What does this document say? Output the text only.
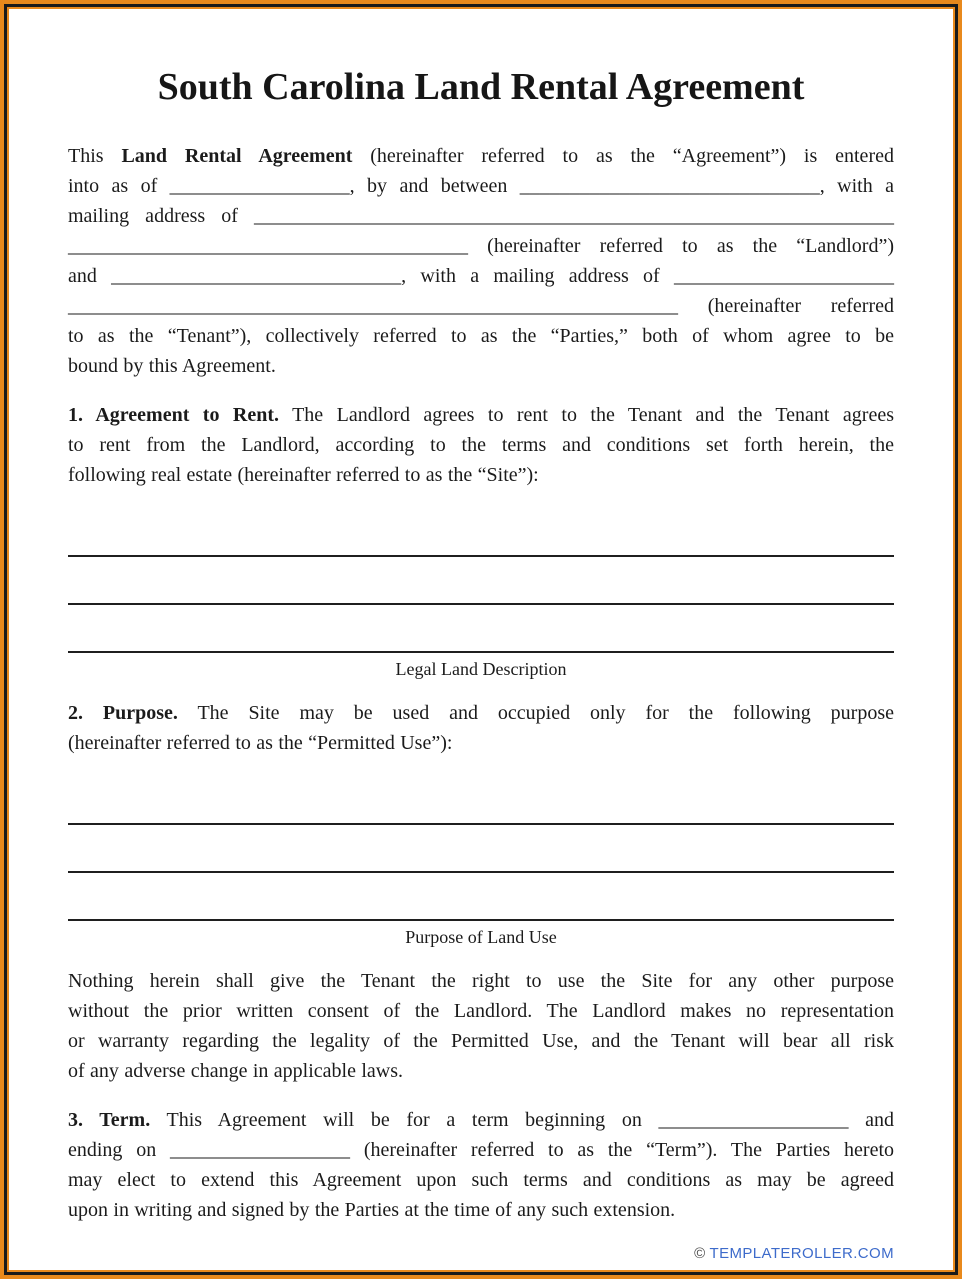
South Carolina Land Rental Agreement
This Land Rental Agreement (hereinafter referred to as the “Agreement”) is entered
into as of __________________, by and between ______________________________, with a
mailing address of ________________________________________________________________
________________________________________ (hereinafter referred to as the “Landlord”)
and _____________________________, with a mailing address of ______________________
_____________________________________________________________ (hereinafter referred
to as the “Tenant”), collectively referred to as the “Parties,” both of whom agree to be
bound by this Agreement.
1. Agreement to Rent. The Landlord agrees to rent to the Tenant and the Tenant agrees
to rent from the Landlord, according to the terms and conditions set forth herein, the
following real estate (hereinafter referred to as the “Site”):
Legal Land Description
2. Purpose. The Site may be used and occupied only for the following purpose
(hereinafter referred to as the “Permitted Use”):
Purpose of Land Use
Nothing herein shall give the Tenant the right to use the Site for any other purpose
without the prior written consent of the Landlord. The Landlord makes no representation
or warranty regarding the legality of the Permitted Use, and the Tenant will bear all risk
of any adverse change in applicable laws.
3. Term. This Agreement will be for a term beginning on ___________________ and
ending on __________________ (hereinafter referred to as the “Term”). The Parties hereto
may elect to extend this Agreement upon such terms and conditions as may be agreed
upon in writing and signed by the Parties at the time of any such extension.
© TEMPLATEROLLER.COM
